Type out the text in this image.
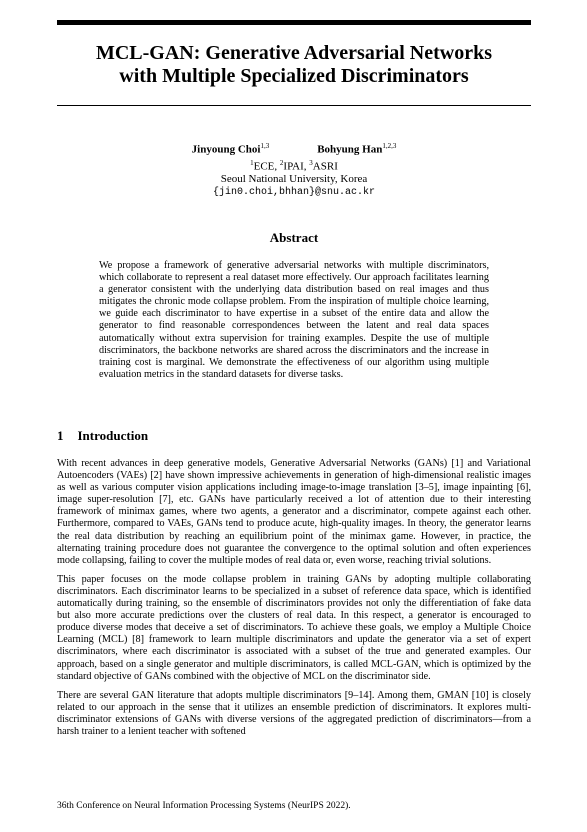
MCL-GAN: Generative Adversarial Networks
with Multiple Specialized Discriminators
Jinyoung Choi$^{1,3}$	Bohyung Han$^{1,2,3}$
$^1$ECE, $^2$IPAI, $^3$ASRI
Seoul National University, Korea
{jin0.choi,bhhan}@snu.ac.kr
Abstract
We propose a framework of generative adversarial networks with multiple discriminators, which collaborate to represent a real dataset more effectively. Our approach facilitates learning a generator consistent with the underlying data distribution based on real images and thus mitigates the chronic mode collapse problem. From the inspiration of multiple choice learning, we guide each discriminator to have expertise in a subset of the entire data and allow the generator to find reasonable correspondences between the latent and real data spaces automatically without extra supervision for training examples. Despite the use of multiple discriminators, the backbone networks are shared across the discriminators and the increase in training cost is marginal. We demonstrate the effectiveness of our algorithm using multiple evaluation metrics in the standard datasets for diverse tasks.
1 Introduction

With recent advances in deep generative models, Generative Adversarial Networks (GANs) [1] and Variational Autoencoders (VAEs) [2] have shown impressive achievements in generation of high-dimensional realistic images as well as various computer vision applications including image-to-image translation [3–5], image inpainting [6], image super-resolution [7], etc. GANs have particularly received a lot of attention due to their interesting framework of minimax games, where two agents, a generator and a discriminator, compete against each other. Furthermore, compared to VAEs, GANs tend to produce acute, high-quality images. In theory, the generator learns the real data distribution by reaching an equilibrium point of the minimax game. However, in practice, the alternating training procedure does not guarantee the convergence to the optimal solution and often experiences mode collapsing, failing to cover the multiple modes of real data or, even worse, reaching trivial solutions.

This paper focuses on the mode collapse problem in training GANs by adopting multiple collaborating discriminators. Each discriminator learns to be specialized in a subset of reference data space, which is identified automatically during training, so the ensemble of discriminators provides not only the differentiation of fake data but also more accurate predictions over the clusters of real data. In this respect, a generator is encouraged to produce diverse modes that deceive a set of discriminators. To achieve these goals, we employ a Multiple Choice Learning (MCL) [8] framework to learn multiple discriminators and update the generator via a set of expert discriminators, where each discriminator is associated with a subset of the true and generated examples. Our approach, based on a single generator and multiple discriminators, is called MCL-GAN, which is optimized by the standard objective of GANs combined with the objective of MCL on the discriminator side.

There are several GAN literature that adopts multiple discriminators [9–14]. Among them, GMAN [10] is closely related to our approach in the sense that it utilizes an ensemble prediction of discriminators. It explores multi-discriminator extensions of GANs with diverse versions of the aggregated prediction of discriminators—from a harsh trainer to a lenient teacher with softened

36th Conference on Neural Information Processing Systems (NeurIPS 2022).
